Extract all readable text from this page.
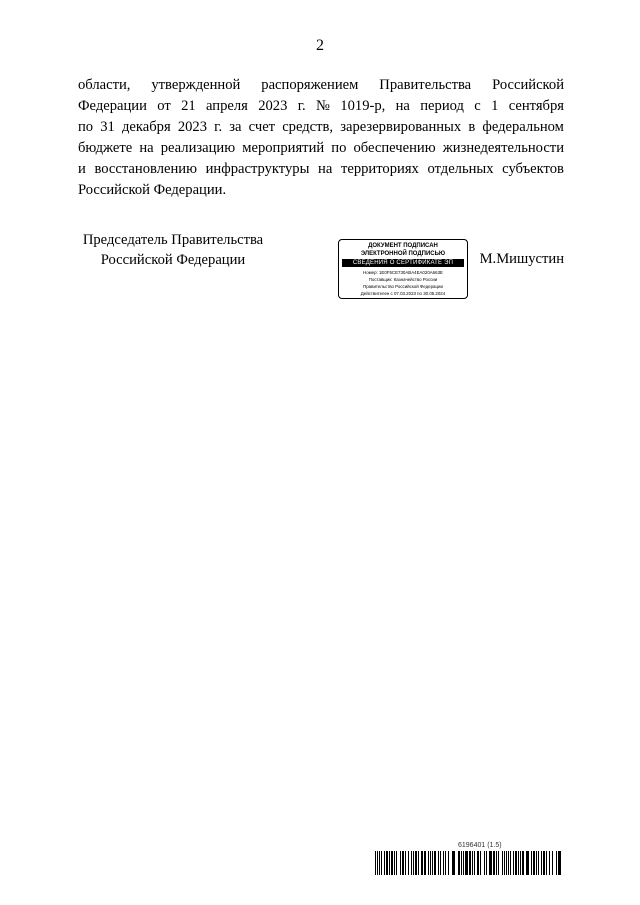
2
области, утвержденной распоряжением Правительства Российской
Федерации от 21 апреля 2023 г. № 1019-р, на период с 1 сентября
по 31 декабря 2023 г. за счет средств, зарезервированных в федеральном
бюджете на реализацию мероприятий по обеспечению жизнедеятельности
и восстановлению инфраструктуры на территориях отдельных субъектов
Российской Федерации.
Председатель Правительства
Российской Федерации
ДОКУМЕНТ ПОДПИСАН
ЭЛЕКТРОННОЙ ПОДПИСЬЮ
СВЕДЕНИЯ О СЕРТИФИКАТЕ ЭП
Номер: 1E0F5CE730ABA4EA020A663E
Поставщик: Казначейство России
Правительство Российской Федерации
Действителен с 07.03.2023 по 30.05.2024
М.Мишустин
6196401 (1.5)
